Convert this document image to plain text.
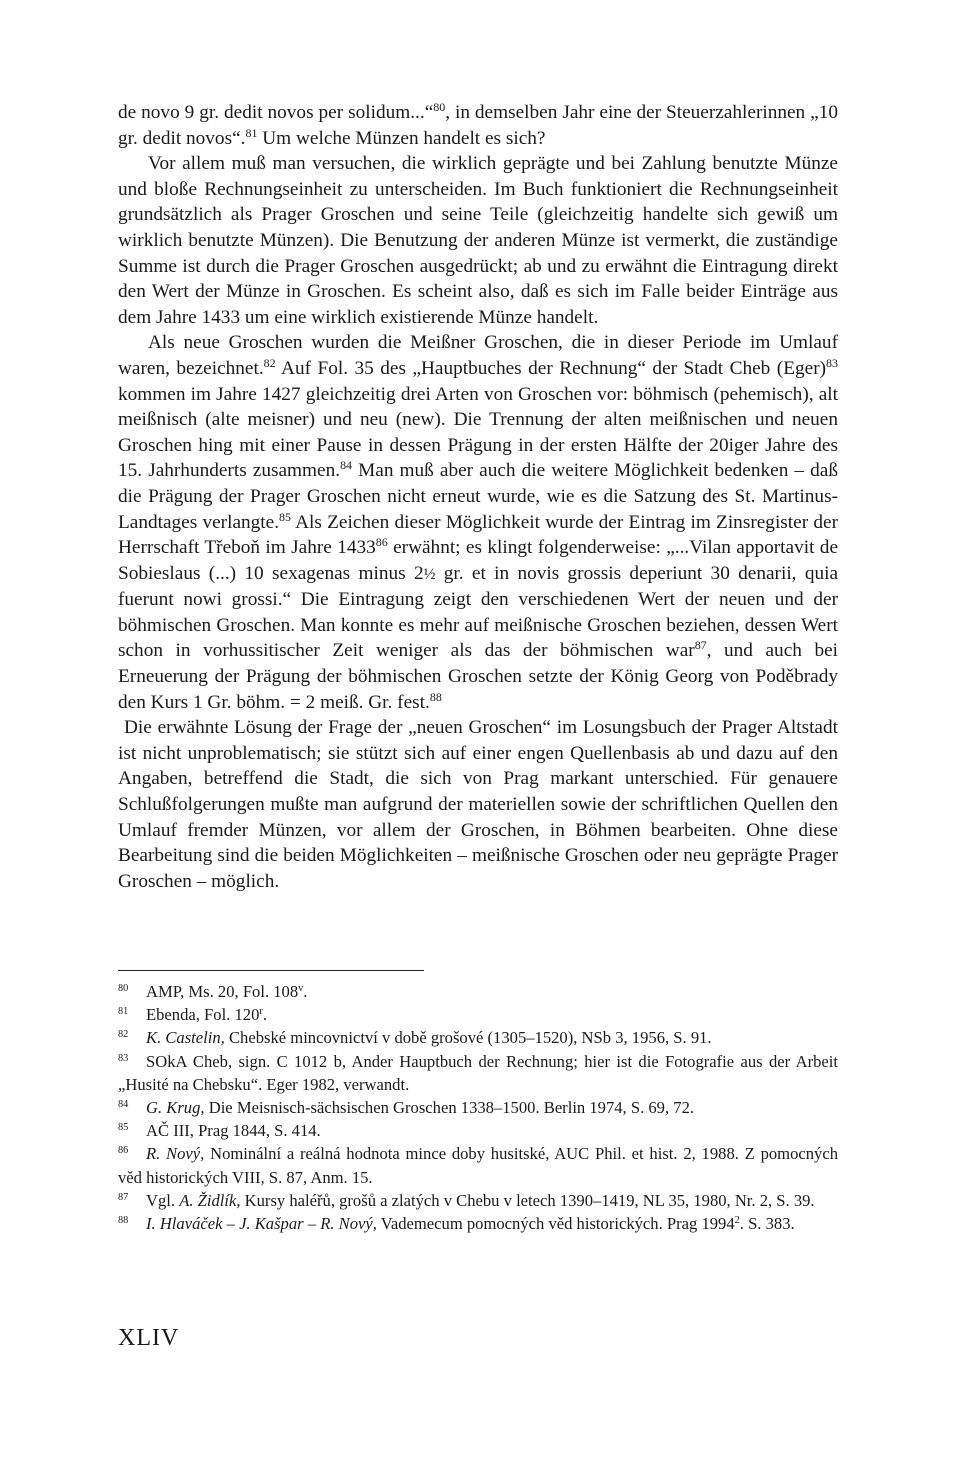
de novo 9 gr. dedit novos per solidum...“$^{80}$, in demselben Jahr eine der Steuerzahlerinnen „10 gr. dedit novos“.$^{81}$ Um welche Münzen handelt es sich?

Vor allem muß man versuchen, die wirklich geprägte und bei Zahlung benutzte Münze und bloße Rechnungseinheit zu unterscheiden. Im Buch funktioniert die Rechnungseinheit grundsätzlich als Prager Groschen und seine Teile (gleichzeitig handelte sich gewiß um wirklich benutzte Münzen). Die Benutzung der anderen Münze ist vermerkt, die zuständige Summe ist durch die Prager Groschen ausgedrückt; ab und zu erwähnt die Eintragung direkt den Wert der Münze in Groschen. Es scheint also, daß es sich im Falle beider Einträge aus dem Jahre 1433 um eine wirklich existierende Münze handelt.

Als neue Groschen wurden die Meißner Groschen, die in dieser Periode im Umlauf waren, bezeichnet.$^{82}$ Auf Fol. 35 des „Hauptbuches der Rechnung“ der Stadt Cheb (Eger)$^{83}$ kommen im Jahre 1427 gleichzeitig drei Arten von Groschen vor: böhmisch (pehemisch), alt meißnisch (alte meisner) und neu (new). Die Trennung der alten meißnischen und neuen Groschen hing mit einer Pause in dessen Prägung in der ersten Hälfte der 20iger Jahre des 15. Jahrhunderts zusammen.$^{84}$ Man muß aber auch die weitere Möglichkeit bedenken – daß die Prägung der Prager Groschen nicht erneut wurde, wie es die Satzung des St. Martinus-Landtages verlangte.$^{85}$ Als Zeichen dieser Möglichkeit wurde der Eintrag im Zinsregister der Herrschaft Třeboň im Jahre 1433$^{86}$ erwähnt; es klingt folgenderweise: „...Vilan apportavit de Sobieslaus (...) 10 sexagenas minus 2½ gr. et in novis grossis deperiunt 30 denarii, quia fuerunt nowi grossi.“ Die Eintragung zeigt den verschiedenen Wert der neuen und der böhmischen Groschen. Man konnte es mehr auf meißnische Groschen beziehen, dessen Wert schon in vorhussitischer Zeit weniger als das der böhmischen war$^{87}$, und auch bei Erneuerung der Prägung der böhmischen Groschen setzte der König Georg von Poděbrady den Kurs 1 Gr. böhm. = 2 meiß. Gr. fest.$^{88}$

Die erwähnte Lösung der Frage der „neuen Groschen“ im Losungsbuch der Prager Altstadt ist nicht unproblematisch; sie stützt sich auf einer engen Quellenbasis ab und dazu auf den Angaben, betreffend die Stadt, die sich von Prag markant unterschied. Für genauere Schlußfolgerungen mußte man aufgrund der materiellen sowie der schriftlichen Quellen den Umlauf fremder Münzen, vor allem der Groschen, in Böhmen bearbeiten. Ohne diese Bearbeitung sind die beiden Möglichkeiten – meißnische Groschen oder neu geprägte Prager Groschen – möglich.

80 AMP, Ms. 20, Fol. 108$^v$.

81 Ebenda, Fol. 120$^r$.

82 K. Castelin, Chebské mincovnictví v době grošové (1305–1520), NSb 3, 1956, S. 91.

83 SOkA Cheb, sign. C 1012 b, Ander Hauptbuch der Rechnung; hier ist die Fotografie aus der Arbeit „Husité na Chebsku“. Eger 1982, verwandt.

84 G. Krug, Die Meisnisch-sächsischen Groschen 1338–1500. Berlin 1974, S. 69, 72.

85 AČ III, Prag 1844, S. 414.

86 R. Nový, Nominální a reálná hodnota mince doby husitské, AUC Phil. et hist. 2, 1988. Z pomocných věd historických VIII, S. 87, Anm. 15.

87 Vgl. A. Židlík, Kursy haléřů, grošů a zlatých v Chebu v letech 1390–1419, NL 35, 1980, Nr. 2, S. 39.

88 I. Hlaváček – J. Kašpar – R. Nový, Vademecum pomocných věd historických. Prag 1994$^2$. S. 383.

XLIV
